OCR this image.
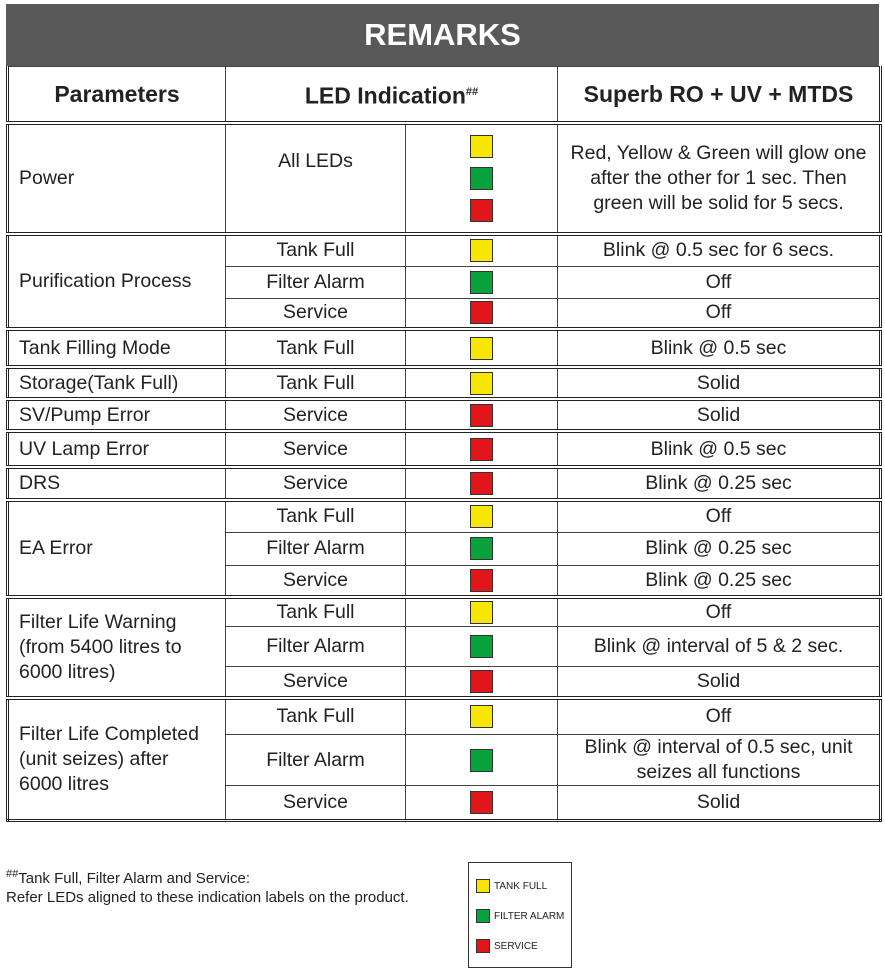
REMARKS
Parameters	LED Indication##		Superb RO + UV + MTDS
Power	All LEDs		Red, Yellow & Green will glow one after the other for 1 sec. Then green will be solid for 5 secs.
Purification Process	Tank Full		Blink @ 0.5 sec for 6 secs.
	Filter Alarm		Off
	Service		Off
Tank Filling Mode	Tank Full		Blink @ 0.5 sec
Storage(Tank Full)	Tank Full		Solid
SV/Pump Error	Service		Solid
UV Lamp Error	Service		Blink @ 0.5 sec
DRS	Service		Blink @ 0.25 sec
EA Error	Tank Full		Off
	Filter Alarm		Blink @ 0.25 sec
	Service		Blink @ 0.25 sec
Filter Life Warning (from 5400 litres to 6000 litres)	Tank Full		Off
	Filter Alarm		Blink @ interval of 5 & 2 sec.
	Service		Solid
Filter Life Completed (unit seizes) after 6000 litres	Tank Full		Off
	Filter Alarm		Blink @ interval of 0.5 sec, unit seizes all functions
	Service		Solid
##Tank Full, Filter Alarm and Service:
Refer LEDs aligned to these indication labels on the product.
TANK FULL
FILTER ALARM
SERVICE
